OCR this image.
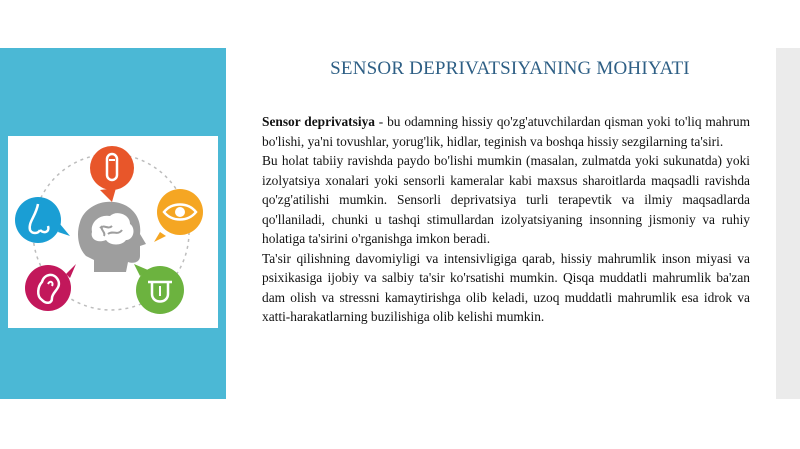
SENSOR DEPRIVATSIYANING MOHIYATI

Sensor deprivatsiya - bu odamning hissiy qo'zg'atuvchilardan qisman yoki to'liq mahrum bo'lishi, ya'ni tovushlar, yorug'lik, hidlar, teginish va boshqa hissiy sezgilarning ta'siri.

Bu holat tabiiy ravishda paydo bo'lishi mumkin (masalan, zulmatda yoki sukunatda) yoki izolyatsiya xonalari yoki sensorli kameralar kabi maxsus sharoitlarda maqsadli ravishda qo'zg'atilishi mumkin. Sensorli deprivatsiya turli terapevtik va ilmiy maqsadlarda qo'llaniladi, chunki u tashqi stimullardan izolyatsiyaning insonning jismoniy va ruhiy holatiga ta'sirini o'rganishga imkon beradi.

Ta'sir qilishning davomiyligi va intensivligiga qarab, hissiy mahrumlik inson miyasi va psixikasiga ijobiy va salbiy ta'sir ko'rsatishi mumkin. Qisqa muddatli mahrumlik ba'zan dam olish va stressni kamaytirishga olib keladi, uzoq muddatli mahrumlik esa idrok va xatti-harakatlarning buzilishiga olib kelishi mumkin.
